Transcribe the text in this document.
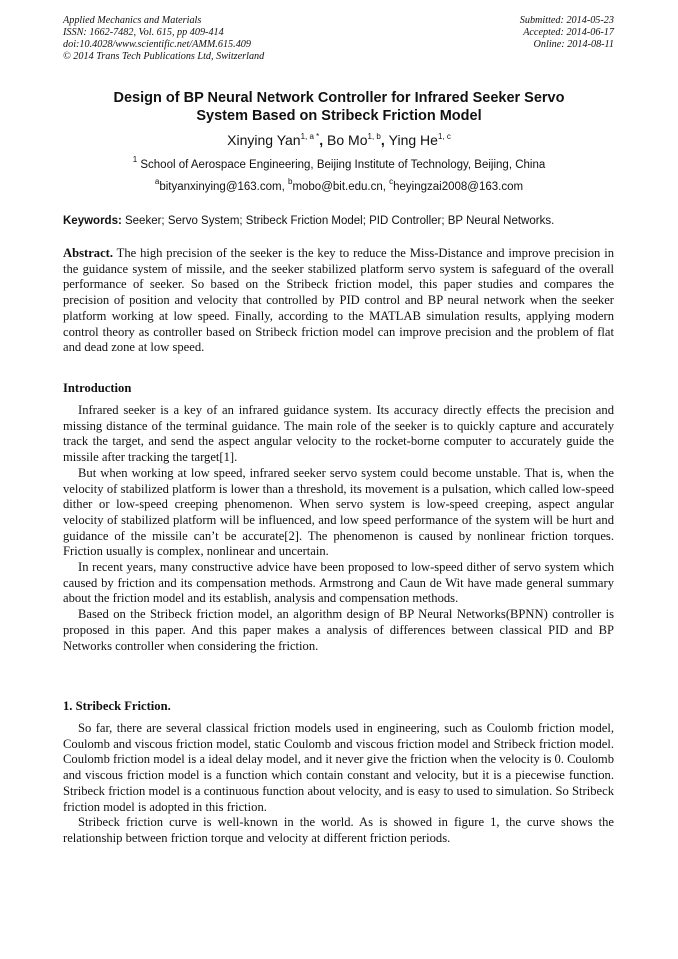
Applied Mechanics and Materials
ISSN: 1662-7482, Vol. 615, pp 409-414
doi:10.4028/www.scientific.net/AMM.615.409
© 2014 Trans Tech Publications Ltd, Switzerland
Submitted: 2014-05-23
Accepted: 2014-06-17
Online: 2014-08-11
Design of BP Neural Network Controller for Infrared Seeker Servo
System Based on Stribeck Friction Model
Xinying Yan$^{1, a *}$, Bo Mo$^{1, b}$, Ying He$^{1, c}$
$^1$ School of Aerospace Engineering, Beijing Institute of Technology, Beijing, China
$^a$bityanxinying@163.com, $^b$mobo@bit.edu.cn, $^c$heyingzai2008@163.com
Keywords: Seeker; Servo System; Stribeck Friction Model; PID Controller; BP Neural Networks.
Abstract. The high precision of the seeker is the key to reduce the Miss-Distance and improve precision in the guidance system of missile, and the seeker stabilized platform servo system is safeguard of the overall performance of seeker. So based on the Stribeck friction model, this paper studies and compares the precision of position and velocity that controlled by PID control and BP neural network when the seeker platform working at low speed. Finally, according to the MATLAB simulation results, applying modern control theory as controller based on Stribeck friction model can improve precision and the problem of flat and dead zone at low speed.
Introduction

Infrared seeker is a key of an infrared guidance system. Its accuracy directly effects the precision and missing distance of the terminal guidance. The main role of the seeker is to quickly capture and accurately track the target, and send the aspect angular velocity to the rocket-borne computer to accurately guide the missile after tracking the target[1].

But when working at low speed, infrared seeker servo system could become unstable. That is, when the velocity of stabilized platform is lower than a threshold, its movement is a pulsation, which called low-speed dither or low-speed creeping phenomenon. When servo system is low-speed creeping, aspect angular velocity of stabilized platform will be influenced, and low speed performance of the system will be hurt and guidance of the missile can’t be accurate[2]. The phenomenon is caused by nonlinear friction torques. Friction usually is complex, nonlinear and uncertain.

In recent years, many constructive advice have been proposed to low-speed dither of servo system which caused by friction and its compensation methods. Armstrong and Caun de Wit have made general summary about the friction model and its establish, analysis and compensation methods.

Based on the Stribeck friction model, an algorithm design of BP Neural Networks(BPNN) controller is proposed in this paper. And this paper makes a analysis of differences between classical PID and BP Networks controller when considering the friction.

1. Stribeck Friction.

So far, there are several classical friction models used in engineering, such as Coulomb friction model, Coulomb and viscous friction model, static Coulomb and viscous friction model and Stribeck friction model. Coulomb friction model is a ideal delay model, and it never give the friction when the velocity is 0. Coulomb and viscous friction model is a function which contain constant and velocity, but it is a piecewise function. Stribeck friction model is a continuous function about velocity, and is easy to used to simulation. So Stribeck friction model is adopted in this friction.

Stribeck friction curve is well-known in the world. As is showed in figure 1, the curve shows the relationship between friction torque and velocity at different friction periods.
